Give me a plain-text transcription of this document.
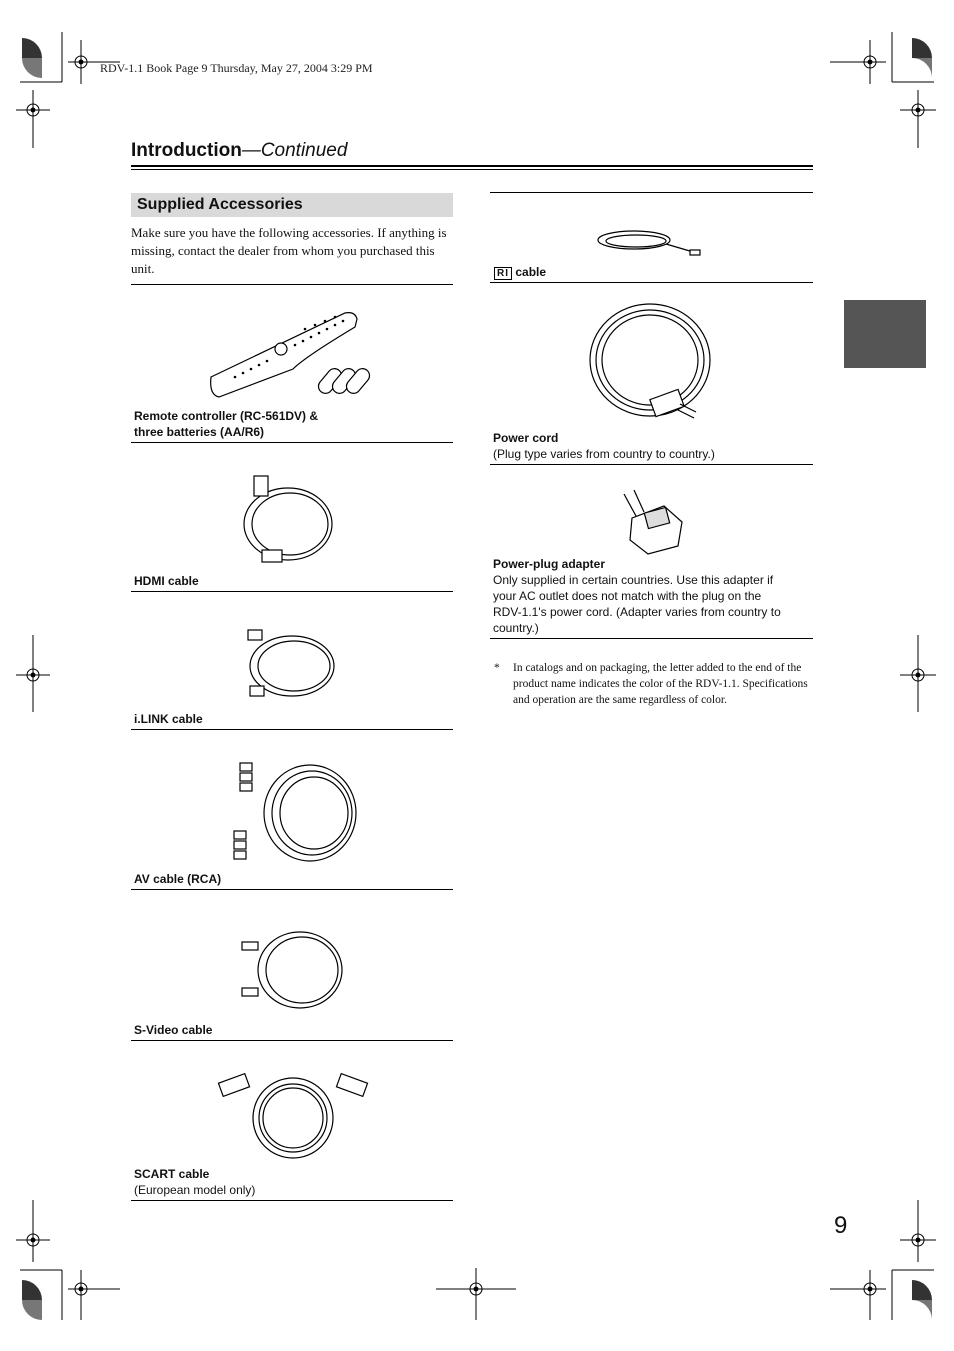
RDV-1.1 Book Page 9 Thursday, May 27, 2004 3:29 PM
Introduction—Continued
Supplied Accessories
Make sure you have the following accessories. If anything is missing, contact the dealer from whom you purchased this unit.
Remote controller (RC-561DV) &
three batteries (AA/R6)
HDMI cable
i.LINK cable
AV cable (RCA)
S-Video cable
SCART cable
(European model only)
RI cable
Power cord
(Plug type varies from country to country.)
Power-plug adapter
Only supplied in certain countries. Use this adapter if
your AC outlet does not match with the plug on the
RDV-1.1's power cord. (Adapter varies from country to
country.)
* In catalogs and on packaging, the letter added to the end of the product name indicates the color of the RDV-1.1. Specifications and operation are the same regardless of color.
9
